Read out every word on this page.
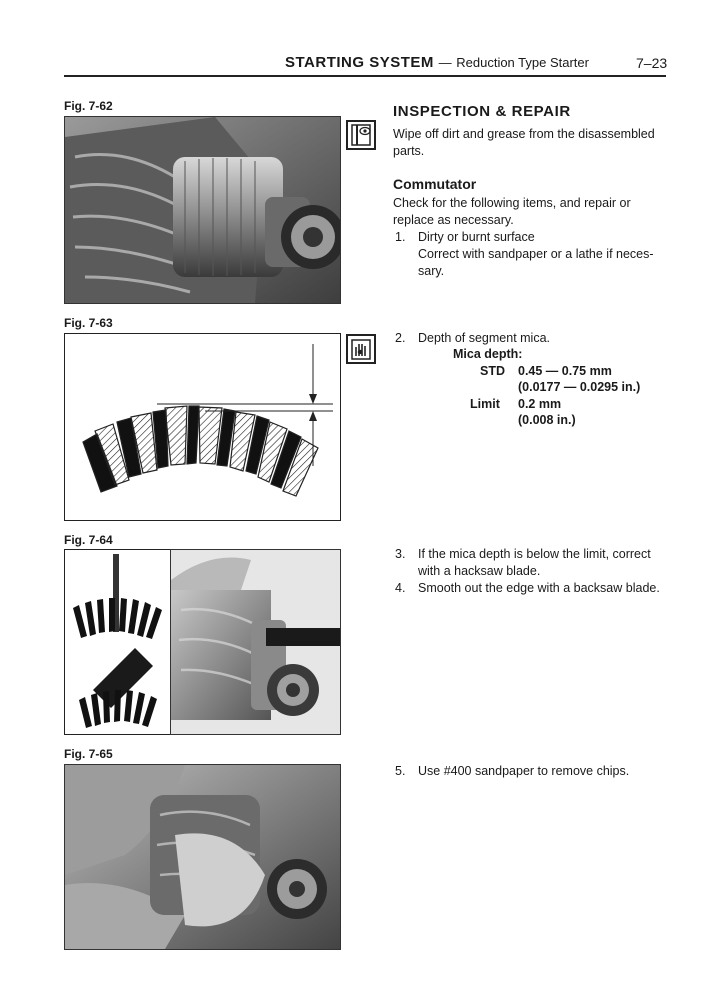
STARTING SYSTEM — Reduction Type Starter	7–23
Fig. 7-62	INSPECTION & REPAIR
Wipe off dirt and grease from the disassembled
parts.
Commutator
Check for the following items, and repair or
replace as necessary.
1. Dirty or burnt surface
Correct with sandpaper or a lathe if neces-
sary.
Fig. 7-63
2. Depth of segment mica.
Mica depth:
STD 0.45 — 0.75 mm
(0.0177 — 0.0295 in.)
Limit 0.2 mm
(0.008 in.)
Fig. 7-64
3. If the mica depth is below the limit, correct
with a hacksaw blade.
4. Smooth out the edge with a backsaw blade.
Fig. 7-65
5. Use #400 sandpaper to remove chips.
